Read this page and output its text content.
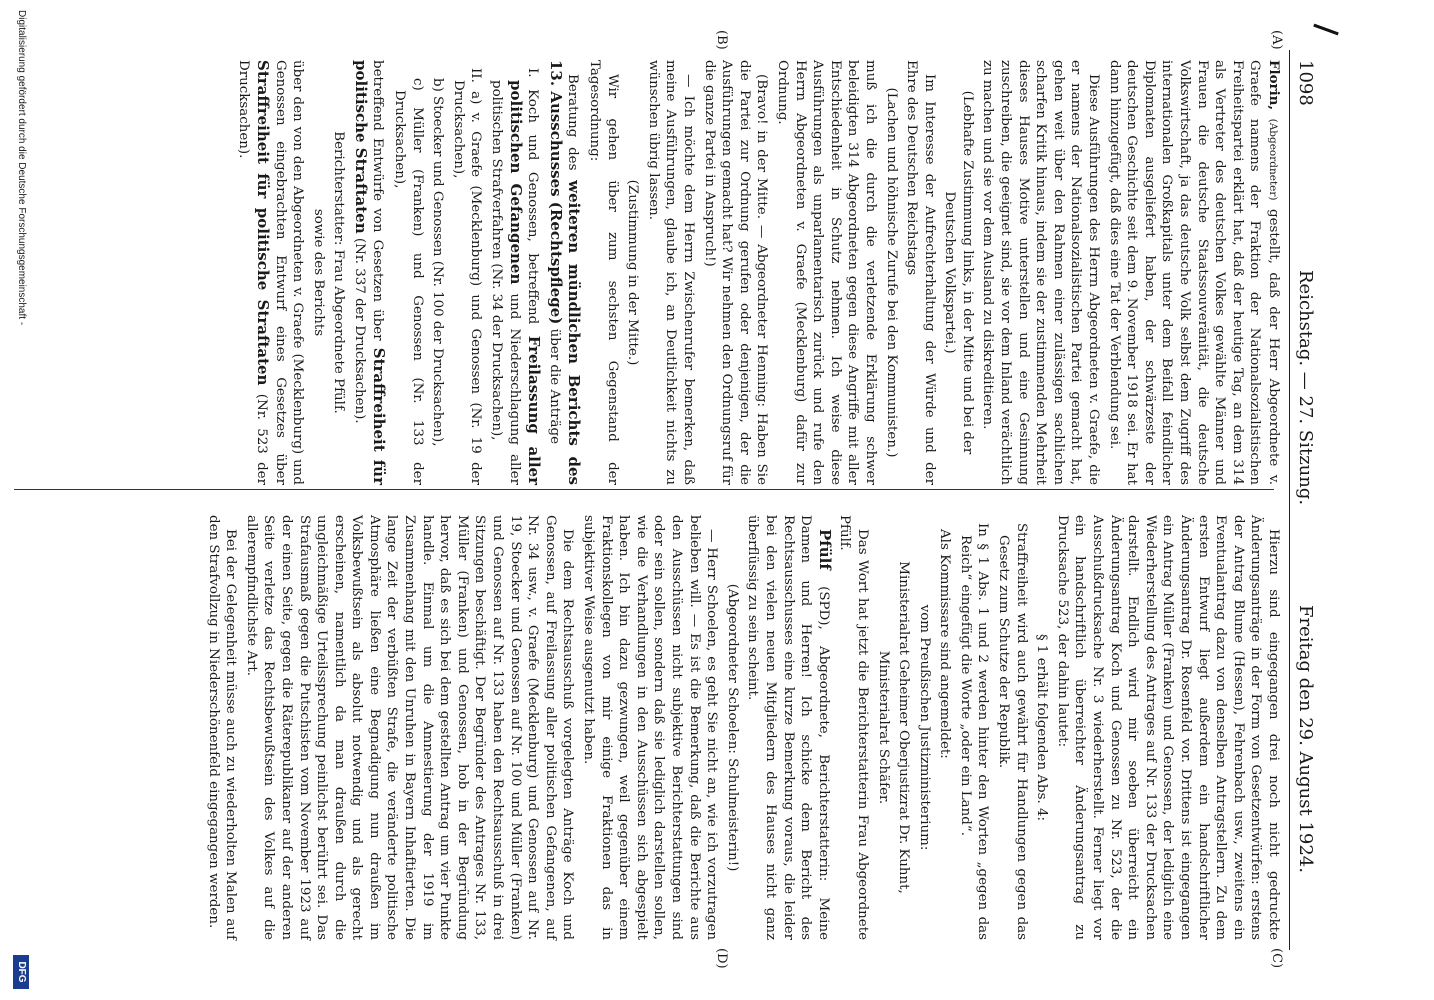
1098
Reichstag. — 27. Sitzung.
Freitag den 29. August 1924.
(A)
(B)
(C)
(D)

Florin, (Abgeordneter) gestellt, daß der Herr Abgeordnete v. Graefe namens der Fraktion der Nationalsozialistischen Freiheitspartei erklärt hat, daß der heutige Tag, an dem 314 als Vertreter des deutschen Volkes gewählte Männer und Frauen die deutsche Staatssouveränität, die deutsche Volkswirtschaft, ja das deutsche Volk selbst dem Zugriff des internationalen Großkapitals unter dem Beifall feindlicher Diplomaten ausgeliefert haben, der schwärzeste der deutschen Geschichte seit dem 9. November 1918 sei. Er hat dann hinzugefügt, daß dies eine Tat der Verblendung sei.

Diese Ausführungen des Herrn Abgeordneten v. Graefe, die er namens der Nationalsozialistischen Partei gemacht hat, gehen weit über den Rahmen einer zulässigen sachlichen scharfen Kritik hinaus, indem sie der zustimmenden Mehrheit dieses Hauses Motive unterstellen und eine Gesinnung zuschreiben, die geeignet sind, sie vor dem Inland verächtlich zu machen und sie vor dem Ausland zu diskreditieren.

(Lebhafte Zustimmung links, in der Mitte und bei der Deutschen Volkspartei.)

Im Interesse der Aufrechterhaltung der Würde und der Ehre des Deutschen Reichstags

(Lachen und höhnische Zurufe bei den Kommunisten.)

muß ich die durch die verletzende Erklärung schwer beleidigten 314 Abgeordneten gegen diese Angriffe mit aller Entschiedenheit in Schutz nehmen. Ich weise diese Ausführungen als unparlamentarisch zurück und rufe den Herrn Abgeordneten v. Graefe (Mecklenburg) dafür zur Ordnung.

(Bravo! in der Mitte. — Abgeordneter Henning: Haben Sie die Partei zur Ordnung gerufen oder denjenigen, der die Ausführungen gemacht hat? Wir nehmen den Ordnungsruf für die ganze Partei in Anspruch!)

— Ich möchte dem Herrn Zwischenrufer bemerken, daß meine Ausführungen, glaube ich, an Deutlichkeit nichts zu wünschen übrig lassen.

(Zustimmung in der Mitte.)

Wir gehen über zum sechsten Gegenstand der Tagesordnung:

Beratung des weiteren mündlichen Berichts des 13. Ausschusses (Rechtspflege) über die Anträge

I. Koch und Genossen, betreffend Freilassung aller politischen Gefangenen und Niederschlagung aller politischen Strafverfahren (Nr. 34 der Drucksachen),

II. a) v. Graefe (Mecklenburg) und Genossen (Nr. 19 der Drucksachen),

b) Stoecker und Genossen (Nr. 100 der Drucksachen),

c) Müller (Franken) und Genossen (Nr. 133 der Drucksachen),

betreffend Entwürfe von Gesetzen über Straffreiheit für politische Straftaten (Nr. 337 der Drucksachen).

Berichterstatter: Frau Abgeordnete Pfülf.

sowie des Berichts

über den von den Abgeordneten v. Graefe (Mecklenburg) und Genossen eingebrachten Entwurf eines Gesetzes über Straffreiheit für politische Straftaten (Nr. 523 der Drucksachen).

Hierzu sind eingegangen drei noch nicht gedruckte Änderungsanträge in der Form von Gesetzentwürfen: erstens der Antrag Blume (Hessen), Fehrenbach usw., zweitens ein Eventualantrag dazu von denselben Antragstellern. Zu dem ersten Entwurf liegt außerdem ein handschriftlicher Änderungsantrag Dr. Rosenfeld vor. Drittens ist eingegangen ein Antrag Müller (Franken) und Genossen, der lediglich eine Wiederherstellung des Antrages auf Nr. 133 der Drucksachen darstellt. Endlich wird mir soeben überreicht ein Änderungsantrag Koch und Genossen zu Nr. 523, der die Ausschußdrucksache Nr. 3 wiederherstellt. Ferner liegt vor ein handschriftlich überreichter Änderungsantrag zu Drucksache 523, der dahin lautet:

§ 1 erhält folgenden Abs. 4:

Straffreiheit wird auch gewährt für Handlungen gegen das Gesetz zum Schutze der Republik.

In § 1 Abs. 1 und 2 werden hinter den Worten „gegen das Reich“ eingefügt die Worte „oder ein Land“.

Als Kommissare sind angemeldet:

vom Preußischen Justizministerium:

Ministerialrat Geheimer Oberjustizrat Dr. Kuhnt,

Ministerialrat Schäfer.

Das Wort hat jetzt die Berichterstatterin Frau Abgeordnete Pfülf.

Pfülf (SPD), Abgeordnete, Berichterstatterin: Meine Damen und Herren! Ich schicke dem Bericht des Rechtsausschusses eine kurze Bemerkung voraus, die leider bei den vielen neuen Mitgliedern des Hauses nicht ganz überflüssig zu sein scheint.

(Abgeordneter Schoelen: Schulmeisterin!)

— Herr Schoelen, es geht Sie nicht an, wie ich vorzutragen belieben will. — Es ist die Bemerkung, daß die Berichte aus den Ausschüssen nicht subjektive Berichterstattungen sind oder sein sollen, sondern daß sie lediglich darstellen sollen, wie die Verhandlungen in den Ausschüssen sich abgespielt haben. Ich bin dazu gezwungen, weil gegenüber einem Fraktionskollegen von mir einige Fraktionen das in subjektiver Weise ausgenutzt haben.

Die dem Rechtsausschuß vorgelegten Anträge Koch und Genossen, auf Freilassung aller politischen Gefangenen, auf Nr. 34 usw., v. Graefe (Mecklenburg) und Genossen auf Nr. 19, Stoecker und Genossen auf Nr. 100 und Müller (Franken) und Genossen auf Nr. 133 haben den Rechtsausschuß in drei Sitzungen beschäftigt. Der Begründer des Antrages Nr. 133, Müller (Franken) und Genossen, hob in der Begründung hervor, daß es sich bei dem gestellten Antrag um vier Punkte handle. Einmal um die Amnestierung der 1919 im Zusammenhang mit den Unruhen in Bayern Inhaftierten. Die lange Zeit der verbüßten Strafe, die veränderte politische Atmosphäre ließen eine Begnadigung nun draußen im Volksbewußtsein als absolut notwendig und als gerecht erscheinen, namentlich da man draußen durch die ungleichmäßige Urteilssprechung peinlichst berührt sei. Das Strafausmaß gegen die Putschisten vom November 1923 auf der einen Seite, gegen die Räterepublikaner auf der anderen Seite verletze das Rechtsbewußtsein des Volkes auf die allerempfindlichste Art.

Bei der Gelegenheit müsse auch zu wiederholten Malen auf den Strafvollzug in Niederschönenfeld eingegangen werden.

Digitalisierung gefördert durch die Deutsche Forschungsgemeinschaft -
DFG
